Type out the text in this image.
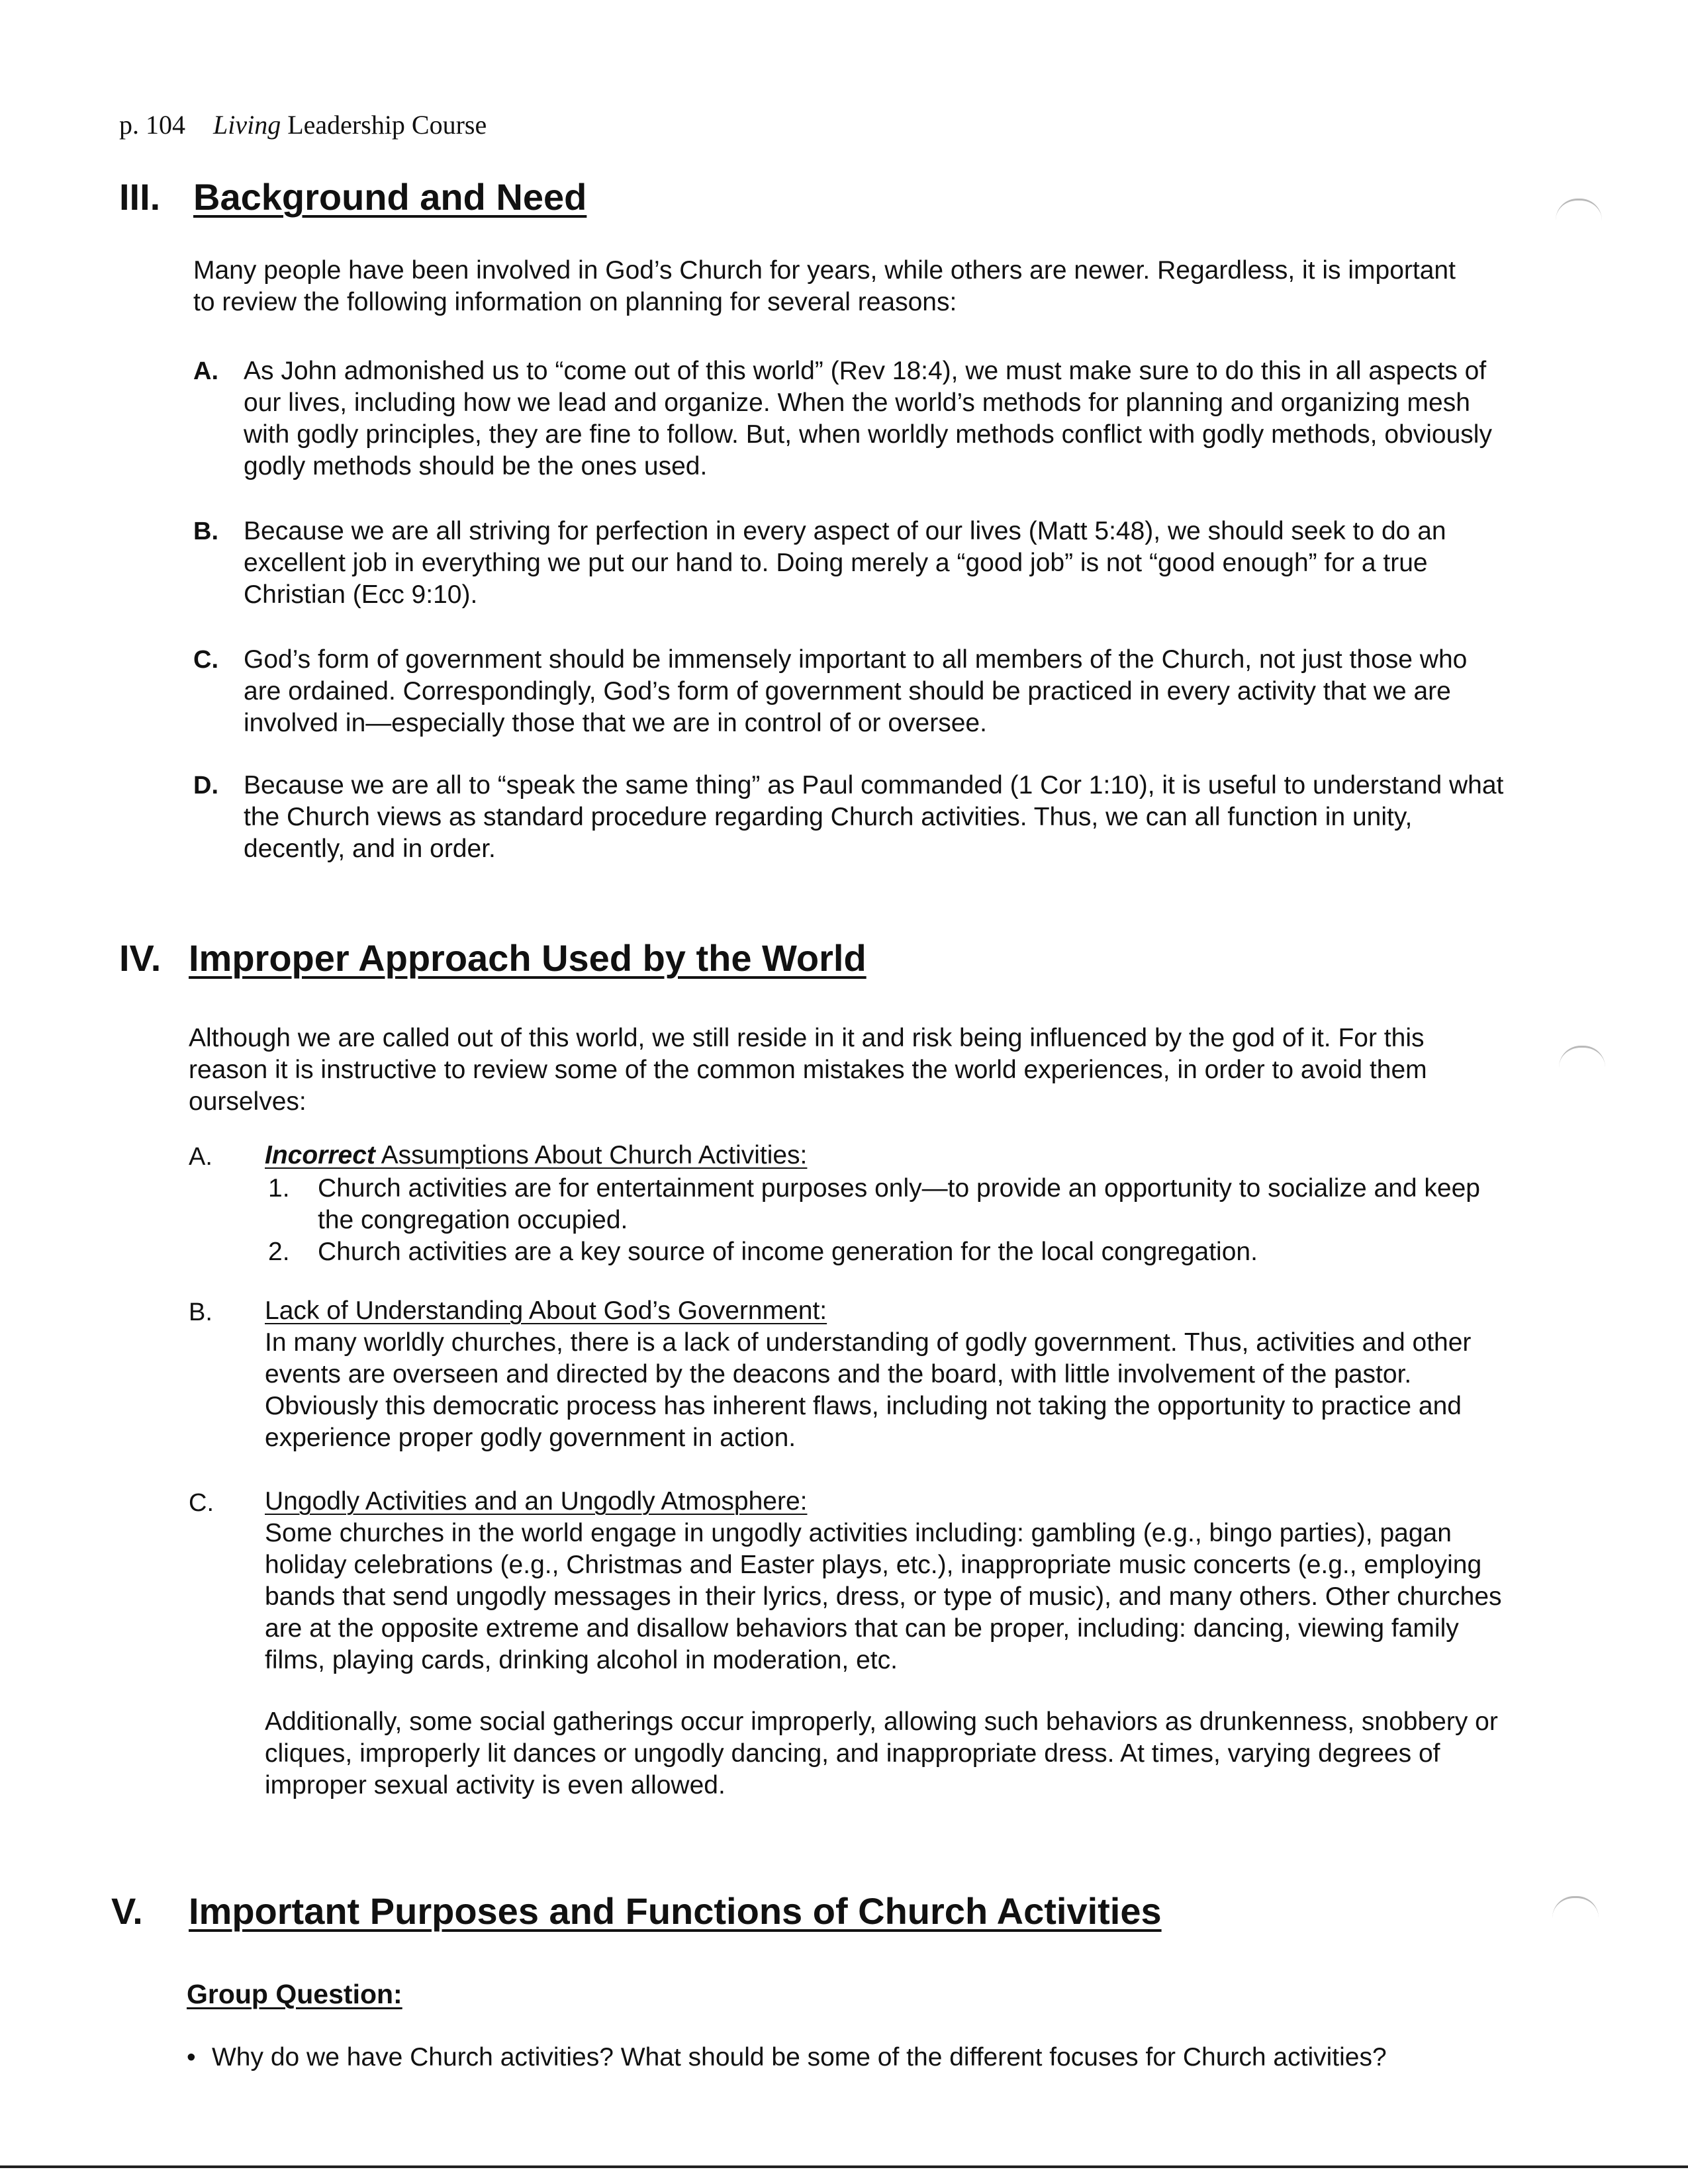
p. 104 Living Leadership Course
III. Background and Need
Many people have been involved in God’s Church for years, while others are newer. Regardless, it is important to review the following information on planning for several reasons:
A. As John admonished us to “come out of this world” (Rev 18:4), we must make sure to do this in all aspects of our lives, including how we lead and organize. When the world’s methods for planning and organizing mesh with godly principles, they are fine to follow. But, when worldly methods conflict with godly methods, obviously godly methods should be the ones used.
B. Because we are all striving for perfection in every aspect of our lives (Matt 5:48), we should seek to do an excellent job in everything we put our hand to. Doing merely a “good job” is not “good enough” for a true Christian (Ecc 9:10).
C. God’s form of government should be immensely important to all members of the Church, not just those who are ordained. Correspondingly, God’s form of government should be practiced in every activity that we are involved in—especially those that we are in control of or oversee.
D. Because we are all to “speak the same thing” as Paul commanded (1 Cor 1:10), it is useful to understand what the Church views as standard procedure regarding Church activities. Thus, we can all function in unity, decently, and in order.
IV. Improper Approach Used by the World
Although we are called out of this world, we still reside in it and risk being influenced by the god of it. For this reason it is instructive to review some of the common mistakes the world experiences, in order to avoid them ourselves:
A. Incorrect Assumptions About Church Activities:
1. Church activities are for entertainment purposes only—to provide an opportunity to socialize and keep the congregation occupied.
2. Church activities are a key source of income generation for the local congregation.
B. Lack of Understanding About God’s Government:
In many worldly churches, there is a lack of understanding of godly government. Thus, activities and other events are overseen and directed by the deacons and the board, with little involvement of the pastor. Obviously this democratic process has inherent flaws, including not taking the opportunity to practice and experience proper godly government in action.
C. Ungodly Activities and an Ungodly Atmosphere:
Some churches in the world engage in ungodly activities including: gambling (e.g., bingo parties), pagan holiday celebrations (e.g., Christmas and Easter plays, etc.), inappropriate music concerts (e.g., employing bands that send ungodly messages in their lyrics, dress, or type of music), and many others. Other churches are at the opposite extreme and disallow behaviors that can be proper, including: dancing, viewing family films, playing cards, drinking alcohol in moderation, etc.
Additionally, some social gatherings occur improperly, allowing such behaviors as drunkenness, snobbery or cliques, improperly lit dances or ungodly dancing, and inappropriate dress. At times, varying degrees of improper sexual activity is even allowed.
V. Important Purposes and Functions of Church Activities
Group Question:
• Why do we have Church activities? What should be some of the different focuses for Church activities?
